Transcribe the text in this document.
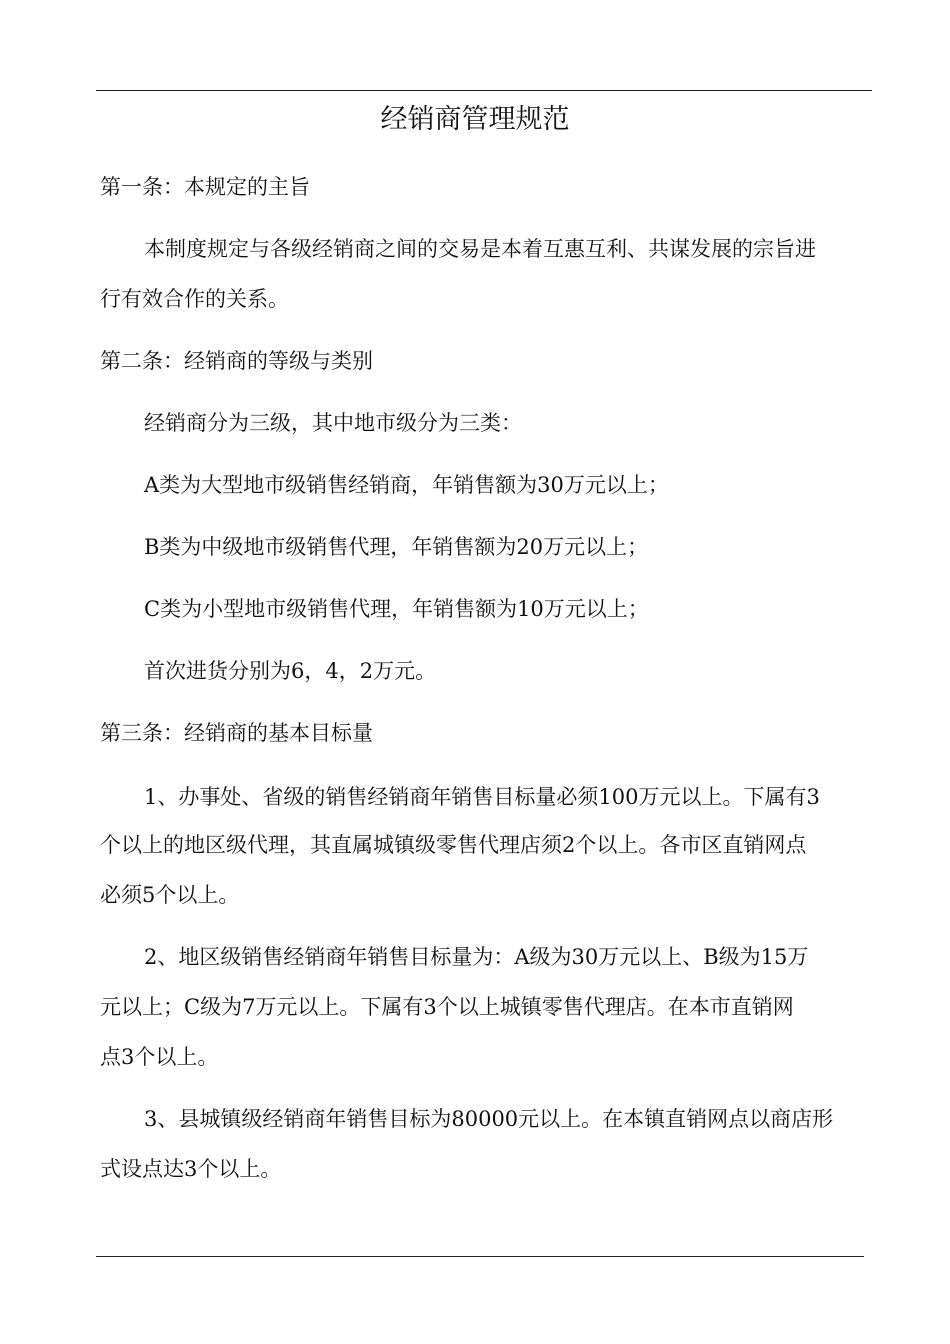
经销商管理规范
第一条：本规定的主旨
本制度规定与各级经销商之间的交易是本着互惠互利、共谋发展的宗旨进
行有效合作的关系。
第二条：经销商的等级与类别
经销商分为三级，其中地市级分为三类：
A类为大型地市级销售经销商，年销售额为30万元以上；
B类为中级地市级销售代理，年销售额为20万元以上；
C类为小型地市级销售代理，年销售额为10万元以上；
首次进货分别为6，4，2万元。
第三条：经销商的基本目标量
1、办事处、省级的销售经销商年销售目标量必须100万元以上。下属有3
个以上的地区级代理，其直属城镇级零售代理店须2个以上。各市区直销网点
必须5个以上。
2、地区级销售经销商年销售目标量为：A级为30万元以上、B级为15万
元以上；C级为7万元以上。下属有3个以上城镇零售代理店。在本市直销网
点3个以上。
3、县城镇级经销商年销售目标为80000元以上。在本镇直销网点以商店形
式设点达3个以上。
